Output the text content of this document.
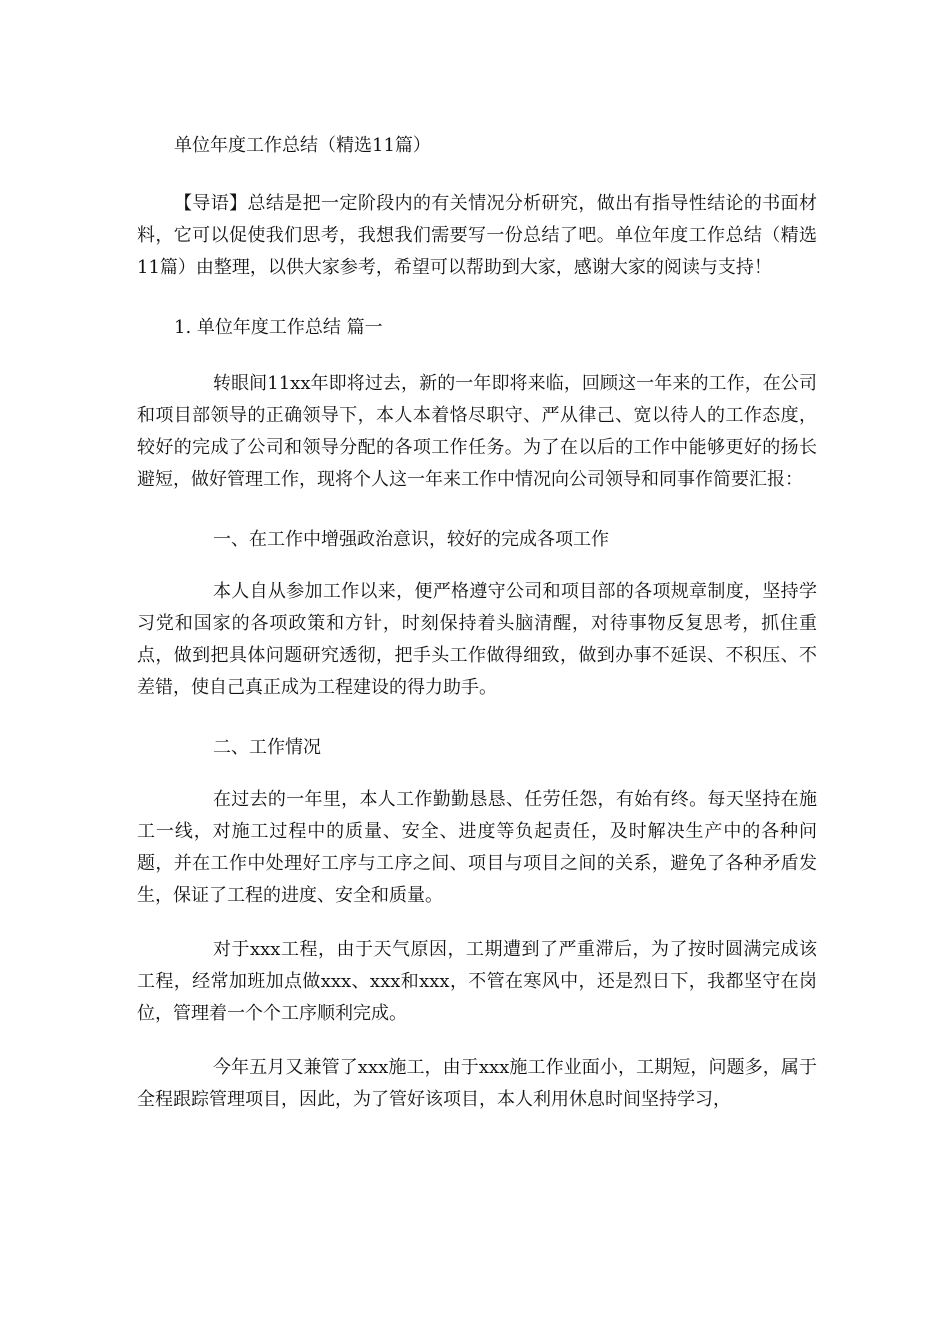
单位年度工作总结（精选11篇）

【导语】总结是把一定阶段内的有关情况分析研究，做出有指导性结论的书面材料，它可以促使我们思考，我想我们需要写一份总结了吧。单位年度工作总结（精选11篇）由整理，以供大家参考，希望可以帮助到大家，感谢大家的阅读与支持！

1. 单位年度工作总结 篇一

转眼间11xx年即将过去，新的一年即将来临，回顾这一年来的工作，在公司和项目部领导的正确领导下，本人本着恪尽职守、严从律己、宽以待人的工作态度，较好的完成了公司和领导分配的各项工作任务。为了在以后的工作中能够更好的扬长避短，做好管理工作，现将个人这一年来工作中情况向公司领导和同事作简要汇报：

一、在工作中增强政治意识，较好的完成各项工作

本人自从参加工作以来，便严格遵守公司和项目部的各项规章制度，坚持学习党和国家的各项政策和方针，时刻保持着头脑清醒，对待事物反复思考，抓住重点，做到把具体问题研究透彻，把手头工作做得细致，做到办事不延误、不积压、不差错，使自己真正成为工程建设的得力助手。

二、工作情况

在过去的一年里，本人工作勤勤恳恳、任劳任怨，有始有终。每天坚持在施工一线，对施工过程中的质量、安全、进度等负起责任，及时解决生产中的各种问题，并在工作中处理好工序与工序之间、项目与项目之间的关系，避免了各种矛盾发生，保证了工程的进度、安全和质量。

对于xxx工程，由于天气原因，工期遭到了严重滞后，为了按时圆满完成该工程，经常加班加点做xxx、xxx和xxx，不管在寒风中，还是烈日下，我都坚守在岗位，管理着一个个工序顺利完成。

今年五月又兼管了xxx施工，由于xxx施工作业面小，工期短，问题多，属于全程跟踪管理项目，因此，为了管好该项目，本人利用休息时间坚持学习，
